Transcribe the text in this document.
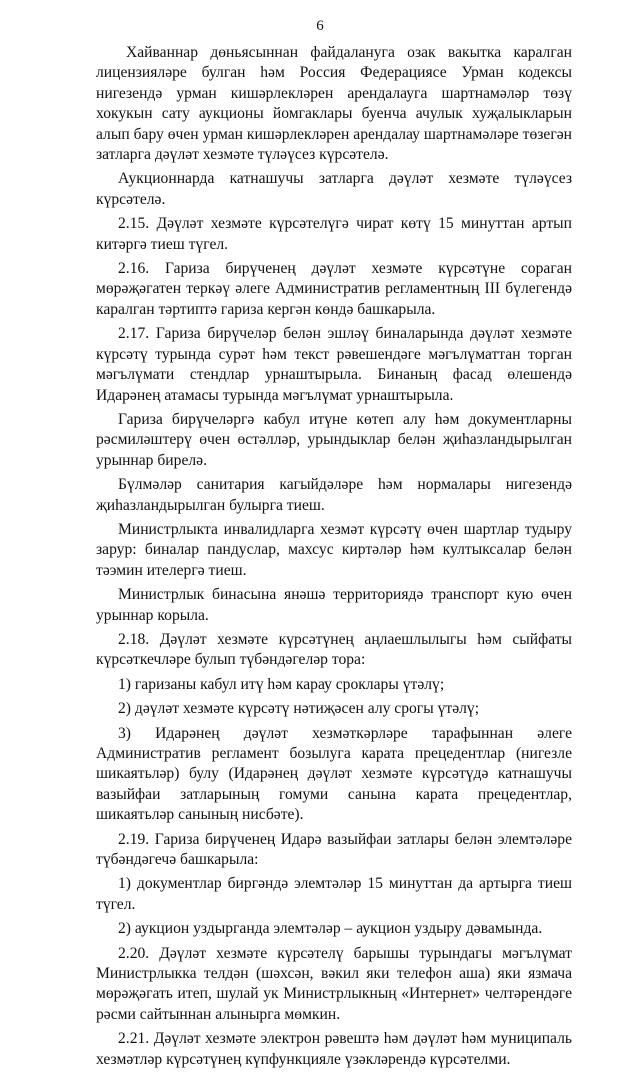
6

Хайваннар дөньясыннан файдалануга озак вакытка каралган лицензияләре булган һәм Россия Федерациясе Урман кодексы нигезендә урман кишәрлекләрен арендалауга шартнамәләр төзү хокукын сату аукционы йомгаклары буенча ачулык хуҗалыкларын алып бару өчен урман кишәрлекләрен арендалау шартнамәләре төзегән затларга дәүләт хезмәте түләүсез күрсәтелә.

Аукционнарда катнашучы затларга дәүләт хезмәте түләүсез күрсәтелә.

2.15. Дәүләт хезмәте күрсәтелүгә чират көтү 15 минуттан артып китәргә тиеш түгел.

2.16. Гариза бирүченең дәүләт хезмәте күрсәтүне сораган мөрәҗәгатен теркәү әлеге Административ регламентның III бүлегендә каралган тәртиптә гариза кергән көндә башкарыла.

2.17. Гариза бирүчеләр белән эшләү биналарында дәүләт хезмәте күрсәтү турында сурәт һәм текст рәвешендәге мәгълүматтан торган мәгълүмати стендлар урнаштырыла. Бинаның фасад өлешендә Идарәнең атамасы турында мәгълүмат урнаштырыла.

Гариза бирүчеләргә кабул итүне көтеп алу һәм документларны рәсмиләштерү өчен өстәлләр, урындыклар белән җиһазландырылган урыннар бирелә.

Бүлмәләр санитария кагыйдәләре һәм нормалары нигезендә җиһазландырылган булырга тиеш.

Министрлыкта инвалидларга хезмәт күрсәтү өчен шартлар тудыру зарур: биналар пандуслар, махсус киртәләр һәм култыксалар белән тәэмин ителергә тиеш.

Министрлык бинасына янәшә территориядә транспорт кую өчен урыннар корыла.

2.18. Дәүләт хезмәте күрсәтүнең аңлаешлылыгы һәм сыйфаты күрсәткечләре булып түбәндәгеләр тора:

1) гаризаны кабул итү һәм карау сроклары үтәлү;

2) дәүләт хезмәте күрсәтү нәтиҗәсен алу срогы үтәлү;

3) Идарәнең дәүләт хезмәткәрләре тарафыннан әлеге Административ регламент бозылуга карата прецедентлар (нигезле шикаятьләр) булу (Идарәнең дәүләт хезмәте күрсәтүдә катнашучы вазыйфаи затларының гомуми санына карата прецедентлар, шикаятьләр санының нисбәте).

2.19. Гариза бирүченең Идарә вазыйфаи затлары белән элемтәләре түбәндәгечә башкарыла:

1) документлар биргәндә элемтәләр 15 минуттан да артырга тиеш түгел.

2) аукцион уздырганда элемтәләр – аукцион уздыру дәвамында.

2.20. Дәүләт хезмәте күрсәтелү барышы турындагы мәгълүмат Министрлыкка телдән (шәхсән, вәкил яки телефон аша) яки язмача мөрәҗәгать итеп, шулай ук Министрлыкның «Интернет» челтәрендәге рәсми сайтыннан алынырга мөмкин.

2.21. Дәүләт хезмәте электрон рәвештә һәм дәүләт һәм муниципаль хезмәтләр күрсәтүнең күпфункцияле үзәкләрендә күрсәтелми.
